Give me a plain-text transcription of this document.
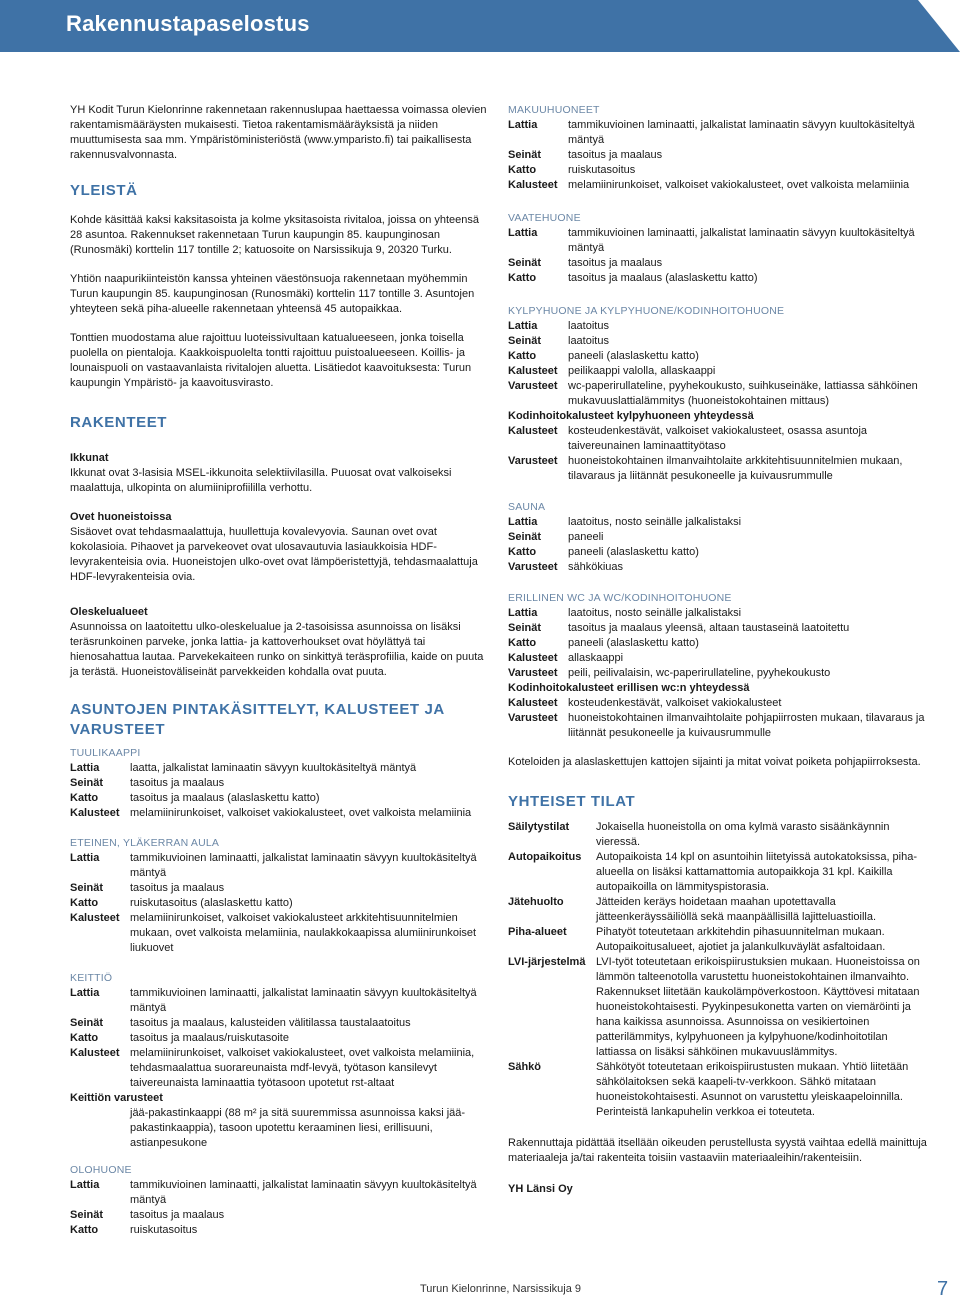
Rakennustapaselostus

YH Kodit Turun Kielonrinne rakennetaan rakennuslupaa haettaessa voimassa olevien rakentamismääräysten mukaisesti. Tietoa rakentamismääräyksistä ja niiden muuttumisesta saa mm. Ympäristöministeriöstä (www.ymparisto.fi) tai paikallisesta rakennusvalvonnasta.

YLEISTÄ

Kohde käsittää kaksi kaksitasoista ja kolme yksitasoista rivitaloa, joissa on yhteensä 28 asuntoa. Rakennukset rakennetaan Turun kaupungin 85. kaupunginosan (Runosmäki) korttelin 117 tontille 2; katuosoite on Narsissikuja 9, 20320 Turku.

Yhtiön naapurikiinteistön kanssa yhteinen väestönsuoja rakennetaan myöhemmin Turun kaupungin 85. kaupunginosan (Runosmäki) korttelin 117 tontille 3. Asuntojen yhteyteen sekä piha-alueelle rakennetaan yhteensä 45 autopaikkaa.

Tonttien muodostama alue rajoittuu luoteissivultaan katualueeseen, jonka toisella puolella on pientaloja. Kaakkoispuolelta tontti rajoittuu puistoalueeseen. Koillis- ja lounaispuoli on vastaavanlaista rivitalojen aluetta. Lisätiedot kaavoituksesta: Turun kaupungin Ympäristö- ja kaavoitusvirasto.

RAKENTEET
Ikkunat

Ikkunat ovat 3-lasisia MSEL-ikkunoita selektiivilasilla. Puuosat ovat valkoiseksi maalattuja, ulkopinta on alumiiniprofiililla verhottu.

Ovet huoneistoissa

Sisäovet ovat tehdasmaalattuja, huullettuja kovalevyovia. Saunan ovet ovat kokolasioia. Pihaovet ja parvekeovet ovat ulosavautuvia lasiaukkoisia HDF-levyrakenteisia ovia. Huoneistojen ulko-ovet ovat lämpöeristettyjä, tehdasmaalattuja HDF-levyrakenteisia ovia.

Oleskelualueet

Asunnoissa on laatoitettu ulko-oleskelualue ja 2-tasoisissa asunnoissa on lisäksi teräsrunkoinen parveke, jonka lattia- ja kattoverhoukset ovat höylättyä tai hienosahattua lautaa. Parvekekaiteen runko on sinkittyä teräsprofiilia, kaide on puuta ja terästä. Huoneistoväliseinät parvekkeiden kohdalla ovat puuta.

ASUNTOJEN PINTAKÄSITTELYT, KALUSTEET JA VARUSTEET
TUULIKAAPPI
Lattia	laatta, jalkalistat laminaatin sävyyn kuultokäsiteltyä mäntyä
Seinät	tasoitus ja maalaus
Katto	tasoitus ja maalaus (alaslaskettu katto)
Kalusteet melamiinirunkoiset, valkoiset vakiokalusteet, ovet valkoista melamiinia
ETEINEN, YLÄKERRAN AULA
Lattia	tammikuvioinen laminaatti, jalkalistat laminaatin sävyyn kuultokäsiteltyä mäntyä
Seinät	tasoitus ja maalaus
Katto	ruiskutasoitus (alaslaskettu katto)
Kalusteet melamiinirunkoiset, valkoiset vakiokalusteet arkkitehtisuunnitelmien mukaan, ovet valkoista melamiinia, naulakkokaapissa alumiinirunkoiset liukuovet
KEITTIÖ
Lattia	tammikuvioinen laminaatti, jalkalistat laminaatin sävyyn kuultokäsiteltyä mäntyä
Seinät	tasoitus ja maalaus, kalusteiden välitilassa taustalaatoitus
Katto	tasoitus ja maalaus/ruiskutasoite
Kalusteet melamiinirunkoiset, valkoiset vakiokalusteet, ovet valkoista melamiinia, tehdasmaalattua suorareunaista mdf-levyä, työtason kansilevyt taivereunaista laminaattia työtasoon upotetut rst-altaat
Keittiön varusteet
jää-pakastinkaappi (88 m² ja sitä suuremmissa asunnoissa kaksi jää-pakastinkaappia), tasoon upotettu keraaminen liesi, erillisuuni, astianpesukone
OLOHUONE
Lattia	tammikuvioinen laminaatti, jalkalistat laminaatin sävyyn kuultokäsiteltyä mäntyä
Seinät	tasoitus ja maalaus
Katto	ruiskutasoitus
MAKUUHUONEET
Lattia	tammikuvioinen laminaatti, jalkalistat laminaatin sävyyn kuultokäsiteltyä mäntyä
Seinät	tasoitus ja maalaus
Katto	ruiskutasoitus
Kalusteet melamiinirunkoiset, valkoiset vakiokalusteet, ovet valkoista melamiinia
VAATEHUONE
Lattia	tammikuvioinen laminaatti, jalkalistat laminaatin sävyyn kuultokäsiteltyä mäntyä
Seinät	tasoitus ja maalaus
Katto	tasoitus ja maalaus (alaslaskettu katto)
KYLPYHUONE JA KYLPYHUONE/KODINHOITOHUONE
Lattia	laatoitus
Seinät	laatoitus
Katto	paneeli (alaslaskettu katto)
Kalusteet peilikaappi valolla, allaskaappi
Varusteet wc-paperirullateline, pyyhekoukusto, suihkuseinäke, lattiassa sähköinen mukavuuslattialämmitys (huoneistokohtainen mittaus)
Kodinhoitokalusteet kylpyhuoneen yhteydessä
Kalusteet kosteudenkestävät, valkoiset vakiokalusteet, osassa asuntoja taivereunainen laminaattityötaso
Varusteet huoneistokohtainen ilmanvaihtolaite arkkitehtisuunnitelmien mukaan, tilavaraus ja liitännät pesukoneelle ja kuivausrummulle
SAUNA
Lattia	laatoitus, nosto seinälle jalkalistaksi
Seinät	paneeli
Katto	paneeli (alaslaskettu katto)
Varusteet sähkökiuas
ERILLINEN WC JA WC/KODINHOITOHUONE
Lattia	laatoitus, nosto seinälle jalkalistaksi
Seinät	tasoitus ja maalaus yleensä, altaan taustaseinä laatoitettu
Katto	paneeli (alaslaskettu katto)
Kalusteet allaskaappi
Varusteet peili, peilivalaisin, wc-paperirullateline, pyyhekoukusto
Kodinhoitokalusteet erillisen wc:n yhteydessä
Kalusteet kosteudenkestävät, valkoiset vakiokalusteet
Varusteet huoneistokohtainen ilmanvaihtolaite pohjapiirrosten mukaan, tilavaraus ja liitännät pesukoneelle ja kuivausrummulle

Koteloiden ja alaslaskettujen kattojen sijainti ja mitat voivat poiketa pohjapiirroksesta.

YHTEISET TILAT
Säilytystilat	Jokaisella huoneistolla on oma kylmä varasto sisäänkäynnin vieressä.
Autopaikoitus	Autopaikoista 14 kpl on asuntoihin liitetyissä autokatoksissa, piha-alueella on lisäksi kattamattomia autopaikkoja 31 kpl. Kaikilla autopaikoilla on lämmityspistorasia.
Jätehuolto	Jätteiden keräys hoidetaan maahan upotettavalla jätteenkeräyssäiliöllä sekä maanpäällisillä lajitteluastioilla.
Piha-alueet	Pihatyöt toteutetaan arkkitehdin pihasuunnitelman mukaan. Autopaikoitusalueet, ajotiet ja jalankulkuväylät asfaltoidaan.
LVI-järjestelmä LVI-työt toteutetaan erikoispiirustuksien mukaan. Huoneistoissa on lämmön talteenotolla varustettu huoneistokohtainen ilmanvaihto. Rakennukset liitetään kaukolämpöverkostoon. Käyttövesi mitataan huoneistokohtaisesti. Pyykinpesukonetta varten on viemäröinti ja hana kaikissa asunnoissa. Asunnoissa on vesikiertoinen patterilämmitys, kylpyhuoneen ja kylpyhuone/kodinhoitotilan lattiassa on lisäksi sähköinen mukavuuslämmitys.
Sähkö	Sähkötyöt toteutetaan erikoispiirustusten mukaan. Yhtiö liitetään sähkölaitoksen sekä kaapeli-tv-verkkoon. Sähkö mitataan huoneistokohtaisesti. Asunnot on varustettu yleiskaapeloinnilla. Perinteistä lankapuhelin verkkoa ei toteuteta.

Rakennuttaja pidättää itsellään oikeuden perustellusta syystä vaihtaa edellä mainittuja materiaaleja ja/tai rakenteita toisiin vastaaviin materiaaleihin/rakenteisiin.

YH Länsi Oy
Turun Kielonrinne, Narsissikuja 9	7
